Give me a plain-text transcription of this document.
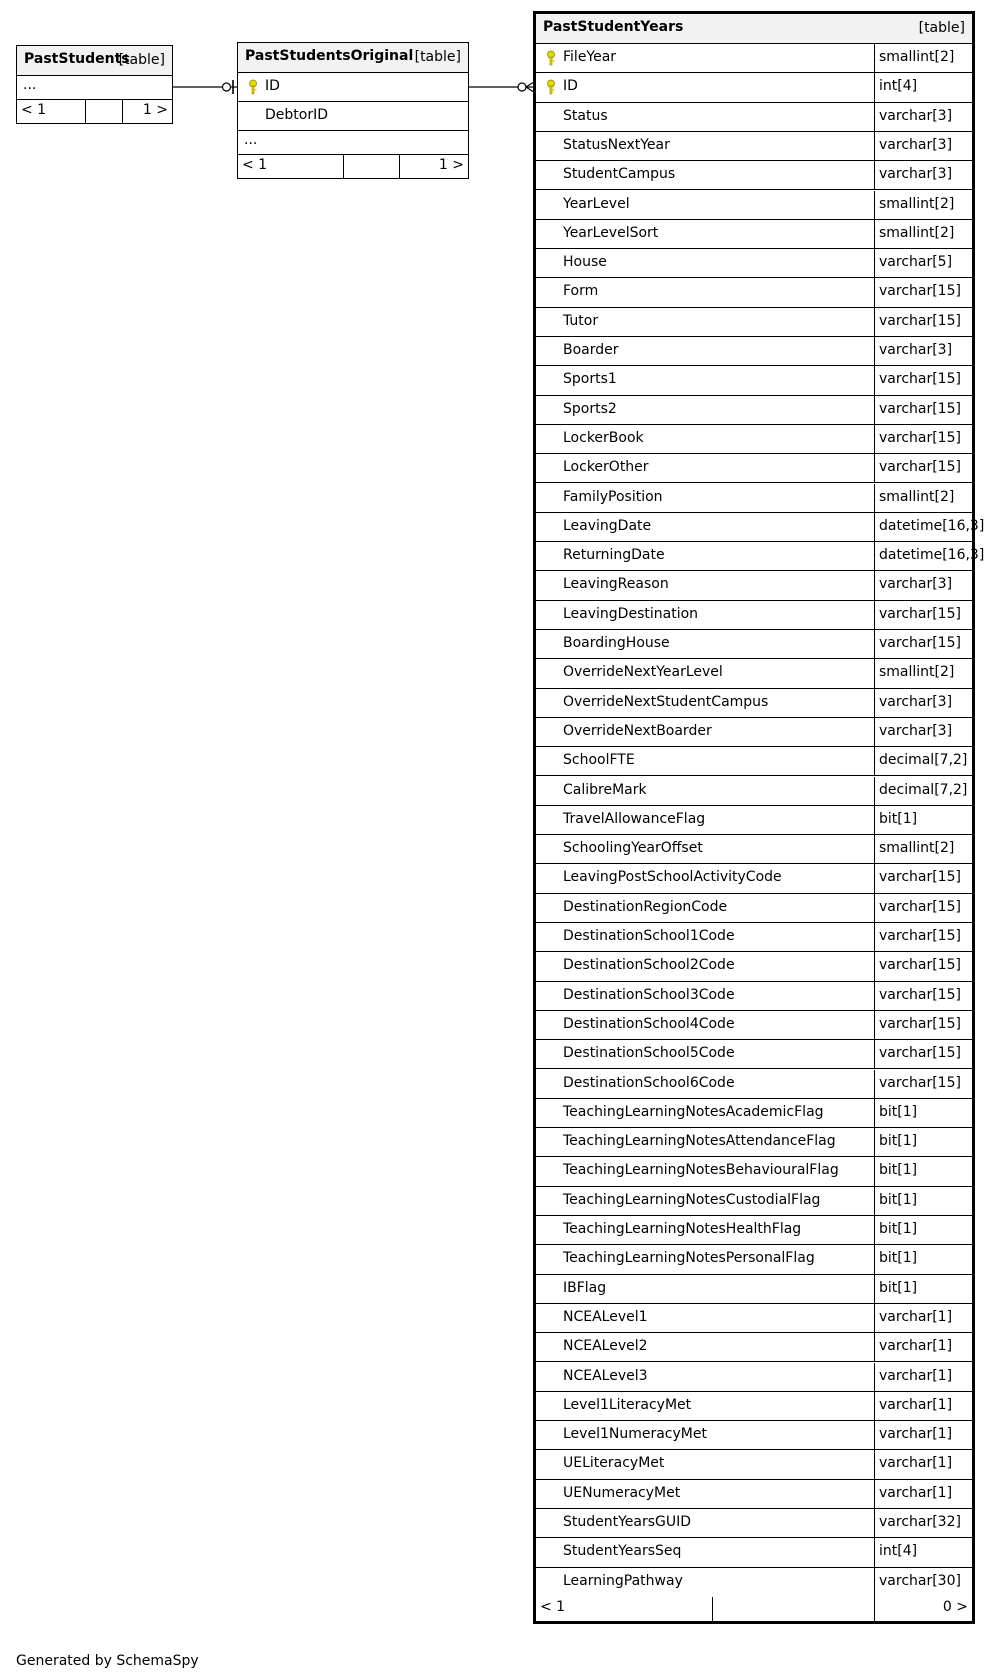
PastStudents
[table]
...
< 1	1 >
PastStudentsOriginal [table]
ID
DebtorID
...
< 1	1 >
PastStudentYears	[table]
FileYear	smallint[2]
ID	int[4]
Status	varchar[3]
StatusNextYear	varchar[3]
StudentCampus	varchar[3]
YearLevel	smallint[2]
YearLevelSort	smallint[2]
House	varchar[5]
Form	varchar[15]
Tutor	varchar[15]
Boarder	varchar[3]
Sports1	varchar[15]
Sports2	varchar[15]
LockerBook	varchar[15]
LockerOther	varchar[15]
FamilyPosition	smallint[2]
LeavingDate	datetime[16,3]
ReturningDate	datetime[16,3]
LeavingReason	varchar[3]
LeavingDestination	varchar[15]
BoardingHouse	varchar[15]
OverrideNextYearLevel	smallint[2]
OverrideNextStudentCampus	varchar[3]
OverrideNextBoarder	varchar[3]
SchoolFTE	decimal[7,2]
CalibreMark	decimal[7,2]
TravelAllowanceFlag	bit[1]
SchoolingYearOffset	smallint[2]
LeavingPostSchoolActivityCode	varchar[15]
DestinationRegionCode	varchar[15]
DestinationSchool1Code	varchar[15]
DestinationSchool2Code	varchar[15]
DestinationSchool3Code	varchar[15]
DestinationSchool4Code	varchar[15]
DestinationSchool5Code	varchar[15]
DestinationSchool6Code	varchar[15]
TeachingLearningNotesAcademicFlag	bit[1]
TeachingLearningNotesAttendanceFlag	bit[1]
TeachingLearningNotesBehaviouralFlag	bit[1]
TeachingLearningNotesCustodialFlag	bit[1]
TeachingLearningNotesHealthFlag	bit[1]
TeachingLearningNotesPersonalFlag	bit[1]
IBFlag	bit[1]
NCEALevel1	varchar[1]
NCEALevel2	varchar[1]
NCEALevel3	varchar[1]
Level1LiteracyMet	varchar[1]
Level1NumeracyMet	varchar[1]
UELiteracyMet	varchar[1]
UENumeracyMet	varchar[1]
StudentYearsGUID	varchar[32]
StudentYearsSeq	int[4]
LearningPathway	varchar[30]
< 1	0 >
Generated by SchemaSpy
